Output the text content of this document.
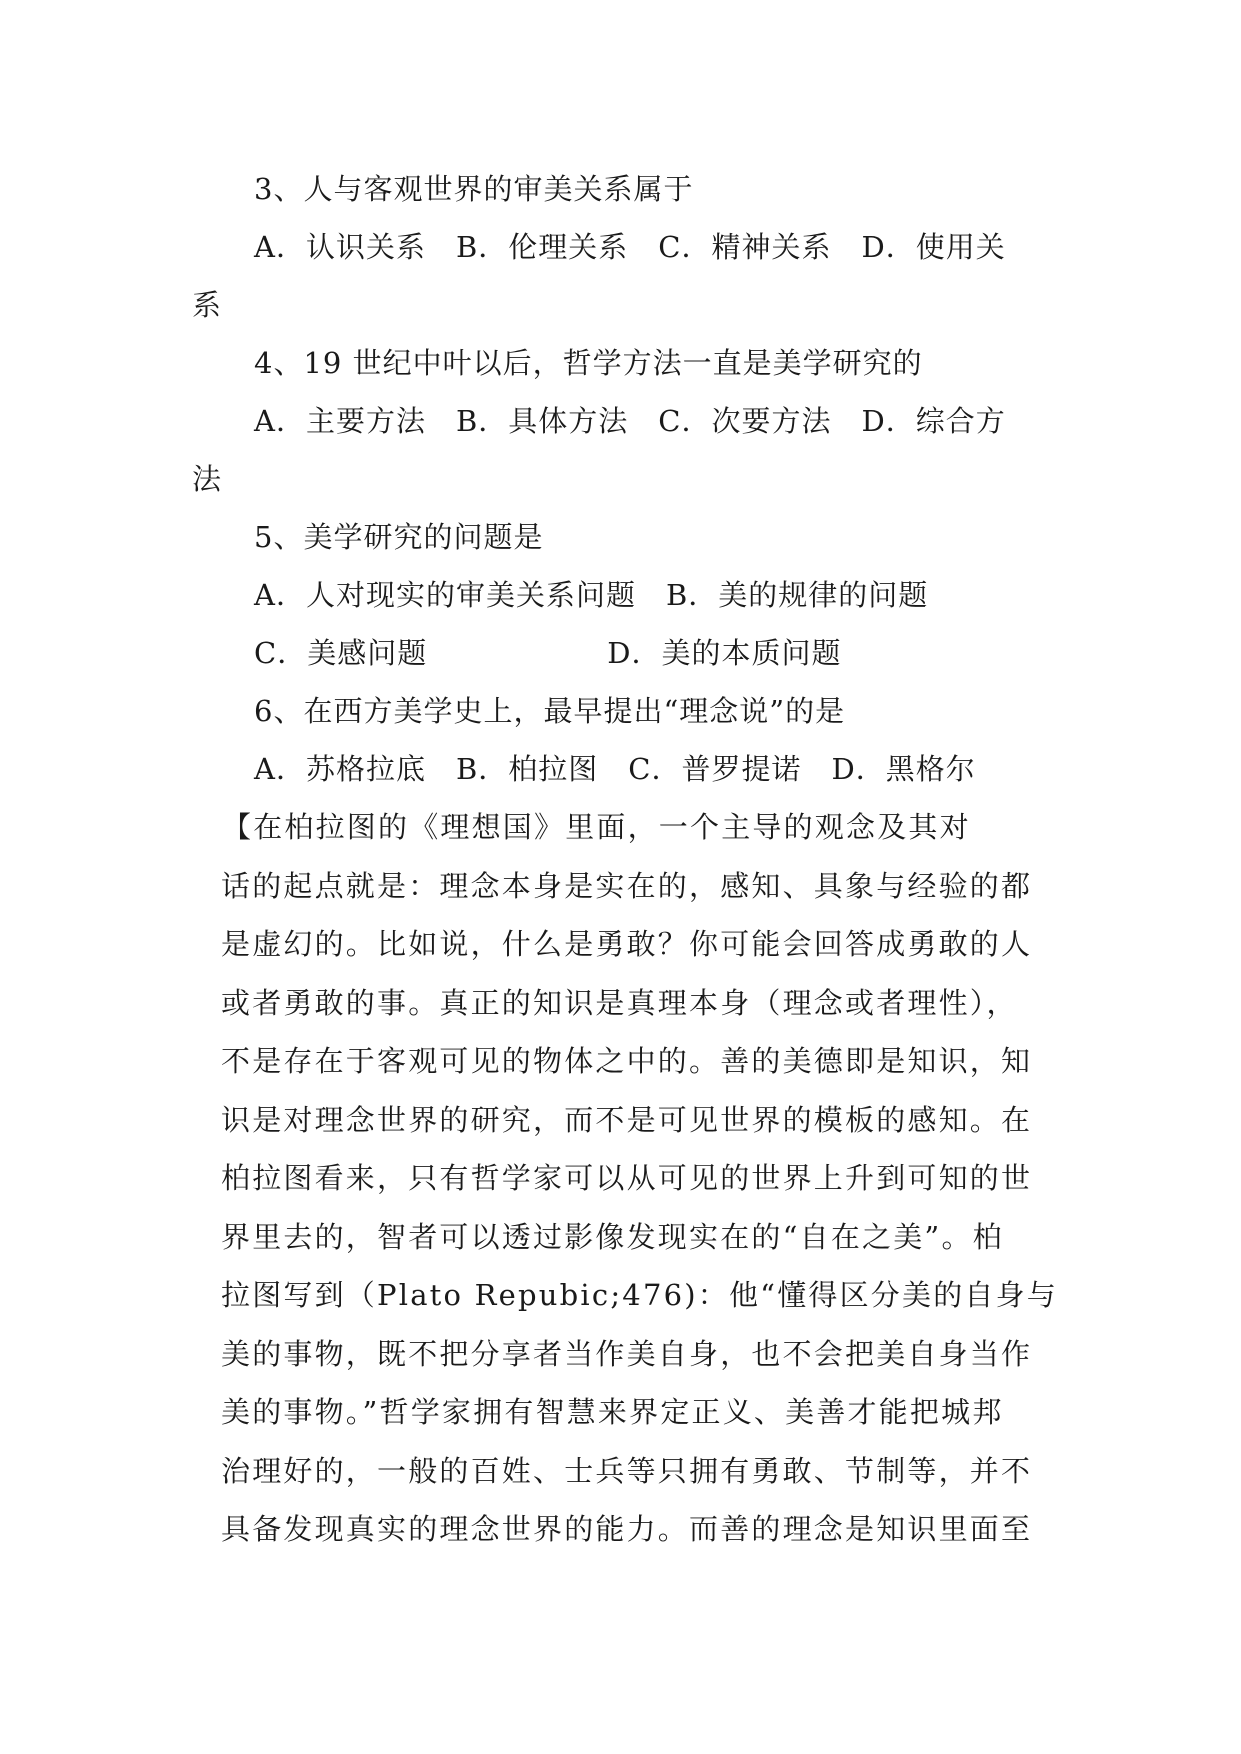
3、人与客观世界的审美关系属于
A．认识关系　B．伦理关系　C．精神关系　D．使用关
系
4、19 世纪中叶以后，哲学方法一直是美学研究的
A．主要方法　B．具体方法　C．次要方法　D．综合方
法
5、美学研究的问题是
A．人对现实的审美关系问题　B．美的规律的问题
C．美感问题　　　　　　D．美的本质问题
6、在西方美学史上，最早提出“理念说”的是
A．苏格拉底　B．柏拉图　C．普罗提诺　D．黑格尔
【在柏拉图的《理想国》里面，一个主导的观念及其对
话的起点就是：理念本身是实在的，感知、具象与经验的都
是虚幻的。比如说，什么是勇敢？你可能会回答成勇敢的人
或者勇敢的事。真正的知识是真理本身（理念或者理性），
不是存在于客观可见的物体之中的。善的美德即是知识，知
识是对理念世界的研究，而不是可见世界的模板的感知。在
柏拉图看来，只有哲学家可以从可见的世界上升到可知的世
界里去的，智者可以透过影像发现实在的“自在之美”。柏
拉图写到（Plato Repubic;476)：他“懂得区分美的自身与
美的事物，既不把分享者当作美自身，也不会把美自身当作
美的事物。”哲学家拥有智慧来界定正义、美善才能把城邦
治理好的，一般的百姓、士兵等只拥有勇敢、节制等，并不
具备发现真实的理念世界的能力。而善的理念是知识里面至
